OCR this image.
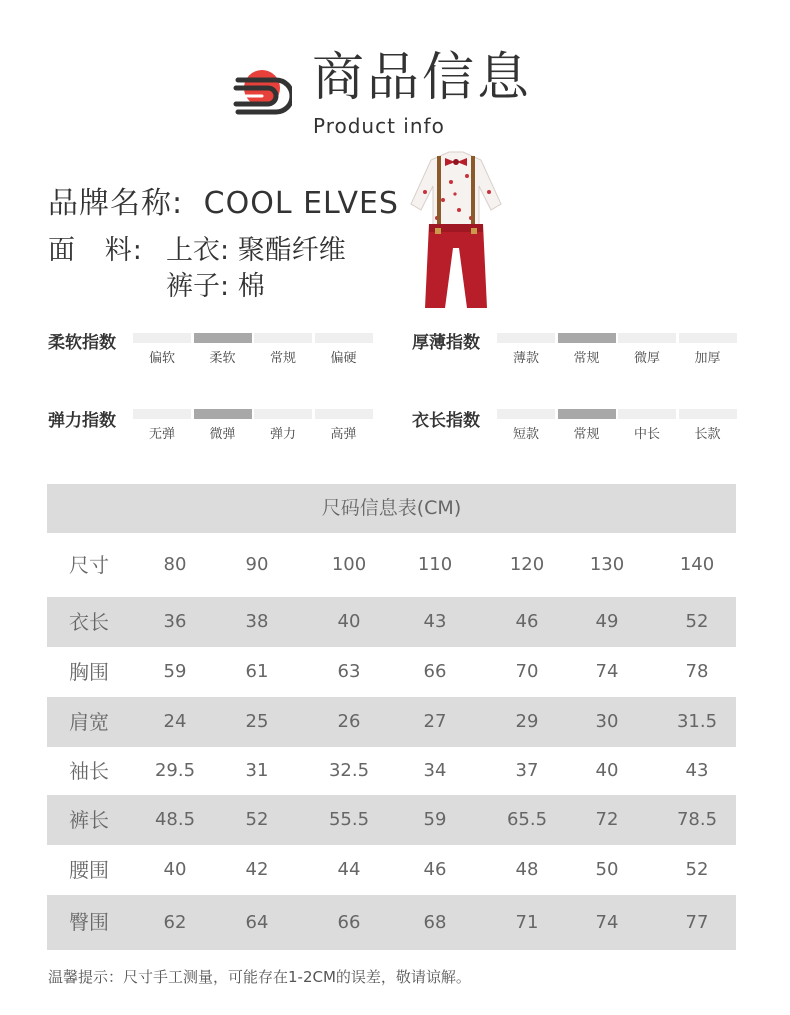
商品信息
Product info
品牌名称: COOL ELVES
面   料: 上衣: 聚酯纤维
裤子: 棉
柔软指数
偏软	柔软	常规	偏硬
厚薄指数
薄款	常规	微厚	加厚
弹力指数
无弹	微弹	弹力	高弹
衣长指数
短款	常规	中长	长款
尺码信息表(CM)
尺寸	80	90	100	110	120	130	140
衣长	36	38	40	43	46	49	52
胸围	59	61	63	66	70	74	78
肩宽	24	25	26	27	29	30	31.5
袖长	29.5	31	32.5	34	37	40	43
裤长	48.5	52	55.5	59	65.5	72	78.5
腰围	40	42	44	46	48	50	52
臀围	62	64	66	68	71	74	77
温馨提示：尺寸手工测量，可能存在1-2CM的误差，敬请谅解。
